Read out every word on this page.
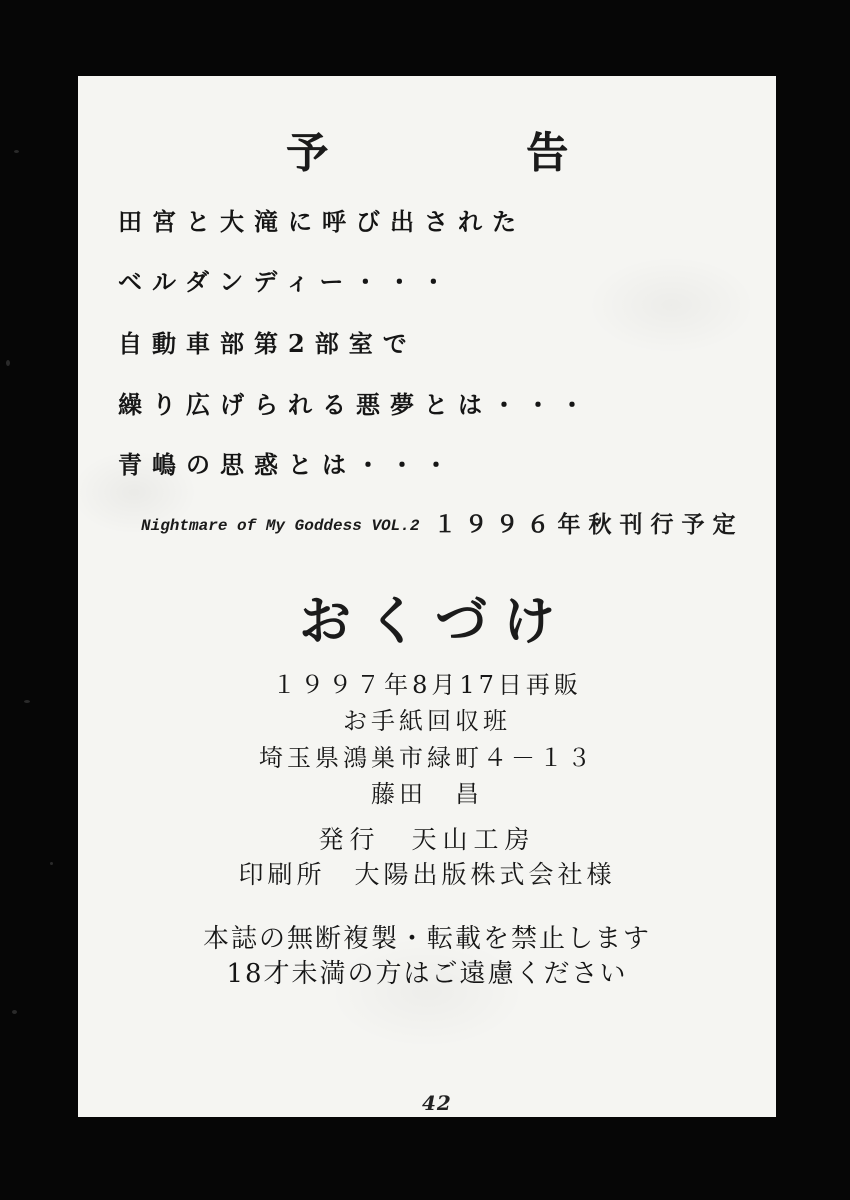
予	告
田宮と大滝に呼び出された
ベルダンディー・・・
自動車部第2部室で
繰り広げられる悪夢とは・・・
青嶋の思惑とは・・・
Nightmare of My Goddess VOL.2 １９９６年秋刊行予定
おくづけ
１９９７年8月17日再販
お手紙回収班
埼玉県鴻巣市緑町４－１３
藤田　昌
発行　天山工房
印刷所　大陽出版株式会社様
本誌の無断複製・転載を禁止します
18才未満の方はご遠慮ください
42
